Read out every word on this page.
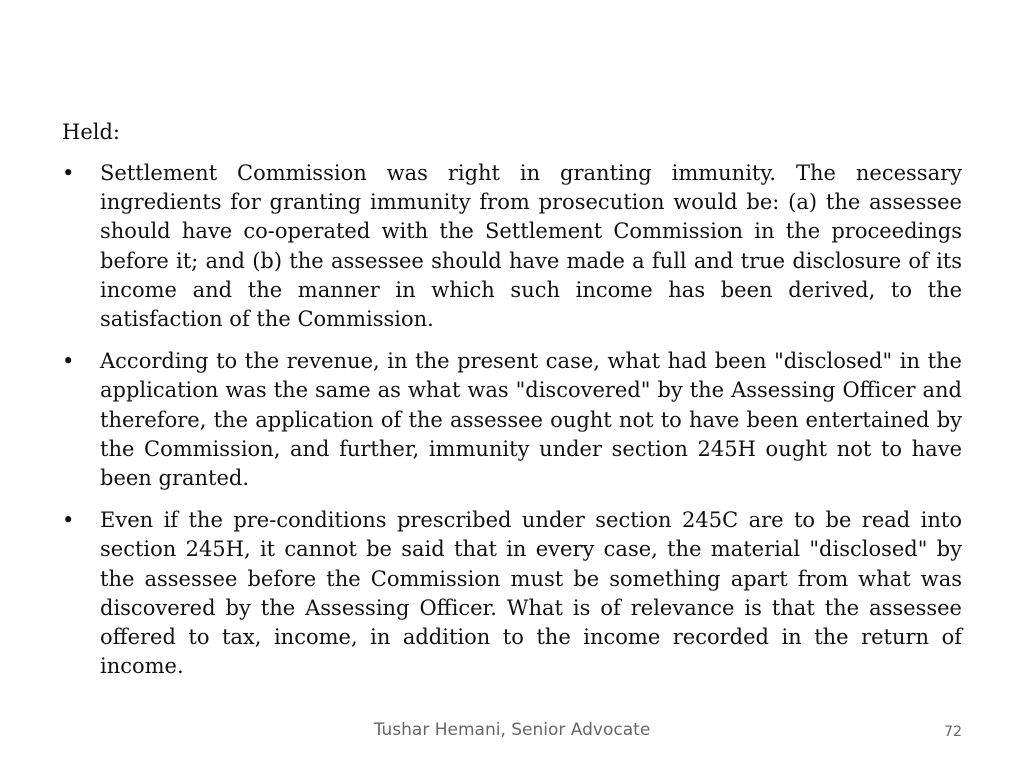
Held:

•	Settlement Commission was right in granting immunity. The necessary ingredients for granting immunity from prosecution would be: (a) the assessee should have co-operated with the Settlement Commission in the proceedings before it; and (b) the assessee should have made a full and true disclosure of its income and the manner in which such income has been derived, to the satisfaction of the Commission.
•	According to the revenue, in the present case, what had been "disclosed" in the application was the same as what was "discovered" by the Assessing Officer and therefore, the application of the assessee ought not to have been entertained by the Commission, and further, immunity under section 245H ought not to have been granted.
•	Even if the pre-conditions prescribed under section 245C are to be read into section 245H, it cannot be said that in every case, the material "disclosed" by the assessee before the Commission must be something apart from what was discovered by the Assessing Officer. What is of relevance is that the assessee offered to tax, income, in addition to the income recorded in the return of income.
Tushar Hemani, Senior Advocate	72
